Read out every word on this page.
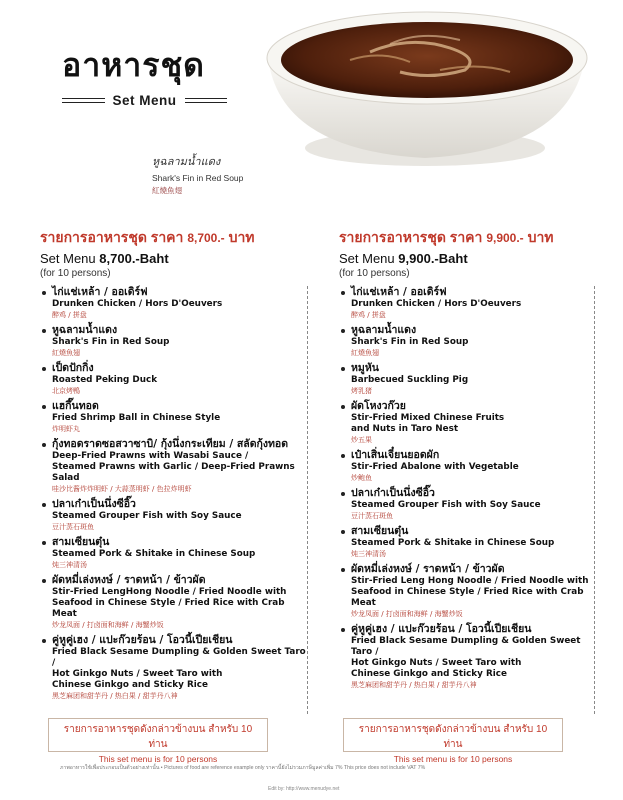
อาหารชุด
Set Menu
หูฉลามน้ำแดง
Shark's Fin in Red Soup
紅燒魚翅
รายการอาหารชุด ราคา 8,700.- บาท
Set Menu 8,700.-Baht
(for 10 persons)
รายการอาหารชุด ราคา 9,900.- บาท
Set Menu 9,900.-Baht
(for 10 persons)
ไก่แช่เหล้า / ออเดิร์ฟ
Drunken Chicken / Hors D'Oeuvers
醉鸡 / 拼盘
หูฉลามน้ำแดง
Shark's Fin in Red Soup
紅燒魚翅
เป็ดปักกิ่ง
Roasted Peking Duck
北京烤鴨
แฮกึ๊นทอด
Fried Shrimp Ball in Chinese Style
炸明虾丸
กุ้งทอดราดซอสวาซาบิ/ กุ้งนึ่งกระเทียม / สลัดกุ้งทอด
Deep-Fried Prawns with Wasabi Sauce /
Steamed Prawns with Garlic / Deep-Fried Prawns Salad
哇沙比酱炸炸明虾 / 大蒜蒸明虾 / 色拉炸明虾
ปลาเก๋าเป็นนึ่งซีอิ๊ว
Steamed Grouper Fish with Soy Sauce
豆汁蒸石斑鱼
สามเซียนตุ๋น
Steamed Pork & Shitake in Chinese Soup
炖三神清汤
ผัดหมี่เล่งหงษ์ / ราดหน้า / ข้าวผัด
Stir-Fried LengHong Noodle / Fried Noodle with
Seafood in Chinese Style / Fried Rice with Crab Meat
炒龙凤面 / 打卤面和海鲜 / 海蟹炒饭
คู่หูคู่เฮง / แปะก๊วยร้อน / โอวนี้เปียเชียน
Fried Black Sesame Dumpling & Golden Sweet Taro /
Hot Ginkgo Nuts / Sweet Taro with
Chinese Ginkgo and Sticky Rice
黑芝麻团和甜芋丹 / 热白果 / 甜芋丹八神
ไก่แช่เหล้า / ออเดิร์ฟ
Drunken Chicken / Hors D'Oeuvers
醉鸡 / 拼盘
หูฉลามน้ำแดง
Shark's Fin in Red Soup
紅燒魚翅
หมูหัน
Barbecued Suckling Pig
烤乳猪
ผัดโหงวก๊วย
Stir-Fried Mixed Chinese Fruits
and Nuts in Taro Nest
炒五果
เป๋าเสิ่นเจี๋ยนยอดผัก
Stir-Fried Abalone with Vegetable
炒鲍鱼
ปลาเก๋าเป็นนึ่งซีอิ๊ว
Steamed Grouper Fish with Soy Sauce
豆汁蒸石斑鱼
สามเซียนตุ๋น
Steamed Pork & Shitake in Chinese Soup
炖三神清汤
ผัดหมี่เล่งหงษ์ / ราดหน้า / ข้าวผัด
Stir-Fried Leng Hong Noodle / Fried Noodle with
Seafood in Chinese Style / Fried Rice with Crab Meat
炒龙凤面 / 打卤面和海鲜 / 海蟹炒饭
คู่หูคู่เฮง / แปะก๊วยร้อน / โอวนี้เปียเชียน
Fried Black Sesame Dumpling & Golden Sweet Taro /
Hot Ginkgo Nuts / Sweet Taro with
Chinese Ginkgo and Sticky Rice
黑芝麻团和甜芋丹 / 热白果 / 甜芋丹八神
รายการอาหารชุดดังกล่าวข้างบน สำหรับ 10 ท่าน
This set menu is for 10 persons
รายการอาหารชุดดังกล่าวข้างบน สำหรับ 10 ท่าน
This set menu is for 10 persons
ภาพอาหารใช้เพื่อประกอบเป็นตัวอย่างเท่านั้น • Pictures of food are reference example only ราคานี้ยังไม่รวมภาษีมูลค่าเพิ่ม 7% This price does not include VAT 7%
Edit by: http://www.menudye.net
